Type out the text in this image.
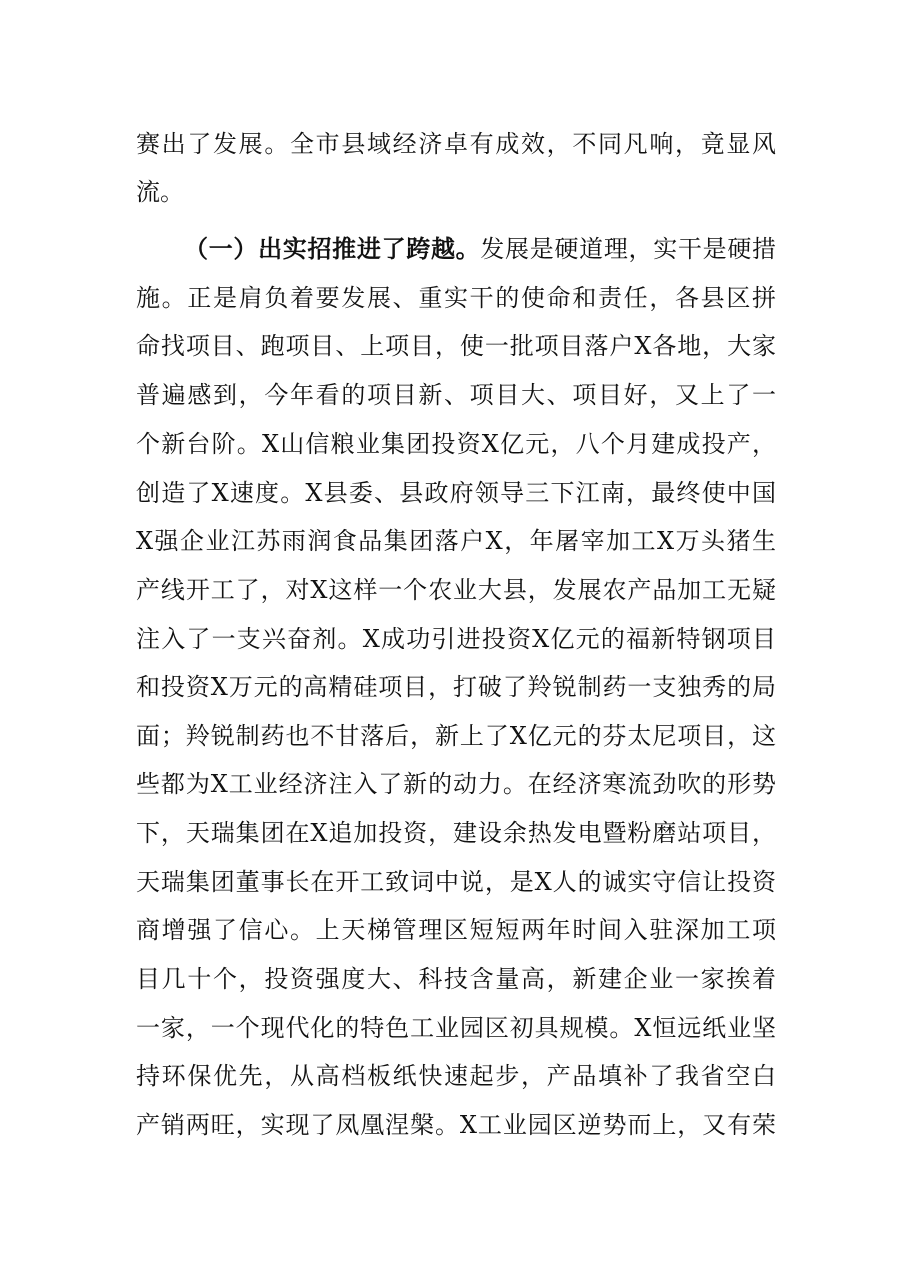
赛出了发展。全市县域经济卓有成效，不同凡响，竟显风
流。
（一）出实招推进了跨越。发展是硬道理，实干是硬措
施。正是肩负着要发展、重实干的使命和责任，各县区拼
命找项目、跑项目、上项目，使一批项目落户X各地，大家
普遍感到，今年看的项目新、项目大、项目好，又上了一
个新台阶。X山信粮业集团投资X亿元，八个月建成投产，
创造了X速度。X县委、县政府领导三下江南，最终使中国
X强企业江苏雨润食品集团落户X，年屠宰加工X万头猪生
产线开工了，对X这样一个农业大县，发展农产品加工无疑
注入了一支兴奋剂。X成功引进投资X亿元的福新特钢项目
和投资X万元的高精硅项目，打破了羚锐制药一支独秀的局
面；羚锐制药也不甘落后，新上了X亿元的芬太尼项目，这
些都为X工业经济注入了新的动力。在经济寒流劲吹的形势
下，天瑞集团在X追加投资，建设余热发电暨粉磨站项目，
天瑞集团董事长在开工致词中说，是X人的诚实守信让投资
商增强了信心。上天梯管理区短短两年时间入驻深加工项
目几十个，投资强度大、科技含量高，新建企业一家挨着
一家，一个现代化的特色工业园区初具规模。X恒远纸业坚
持环保优先，从高档板纸快速起步，产品填补了我省空白
产销两旺，实现了凤凰涅槃。X工业园区逆势而上，又有荣
